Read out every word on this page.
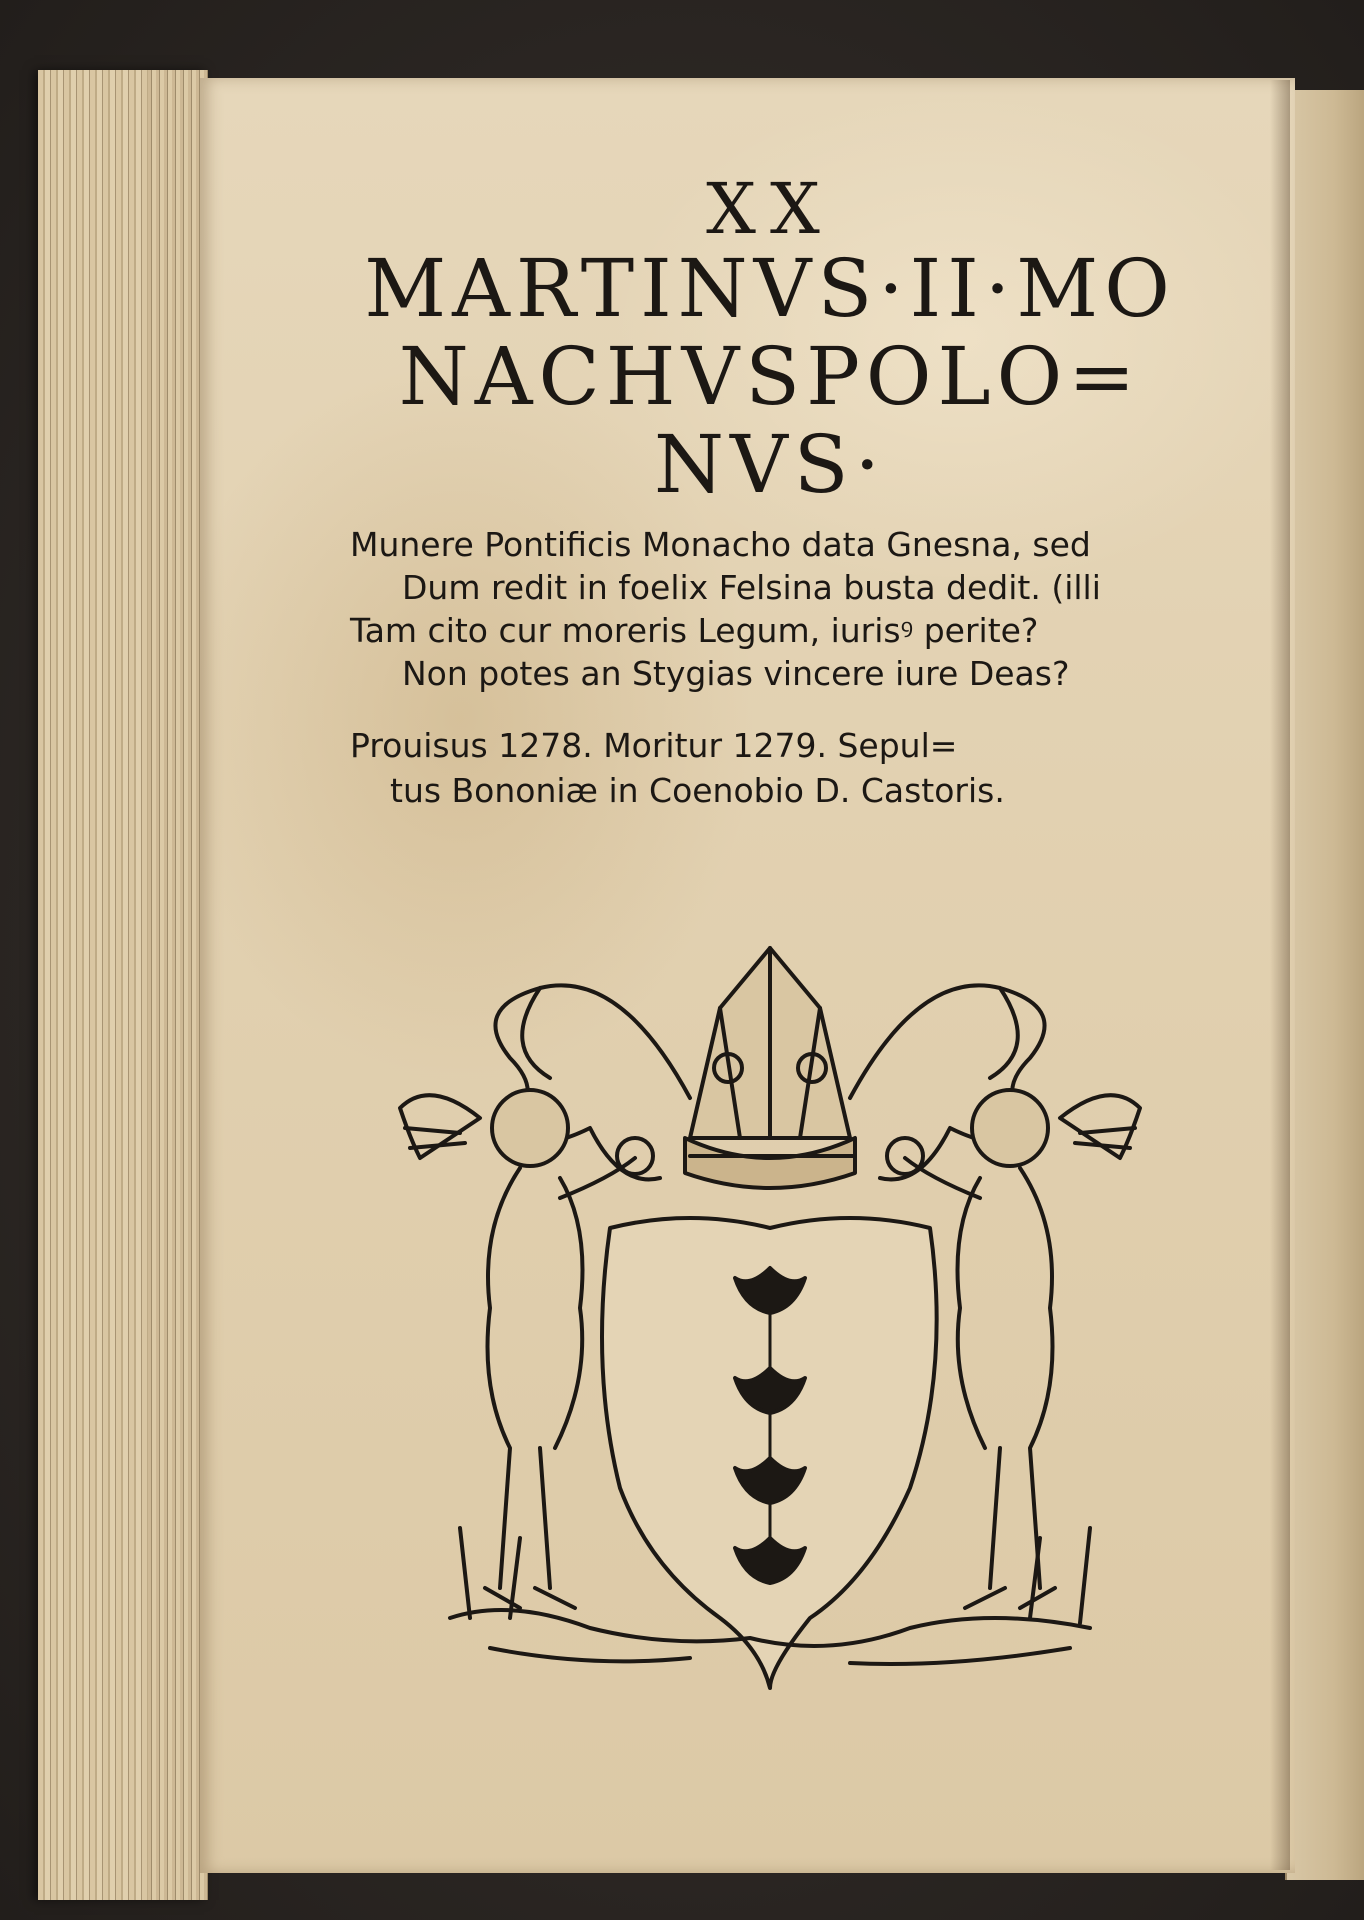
XX
MARTINVS·II·MO
NACHVSPOLO=
NVS·
Munere Pontificis Monacho data Gnesna, sed
Dum redit in foelix Felsina busta dedit. (illi
Tam cito cur moreris Legum, iurisꝰ perite?
Non potes an Stygias vincere iure Deas?
Prouisus 1278. Moritur 1279. Sepul=
tus Bononiæ in Coenobio D. Castoris.
